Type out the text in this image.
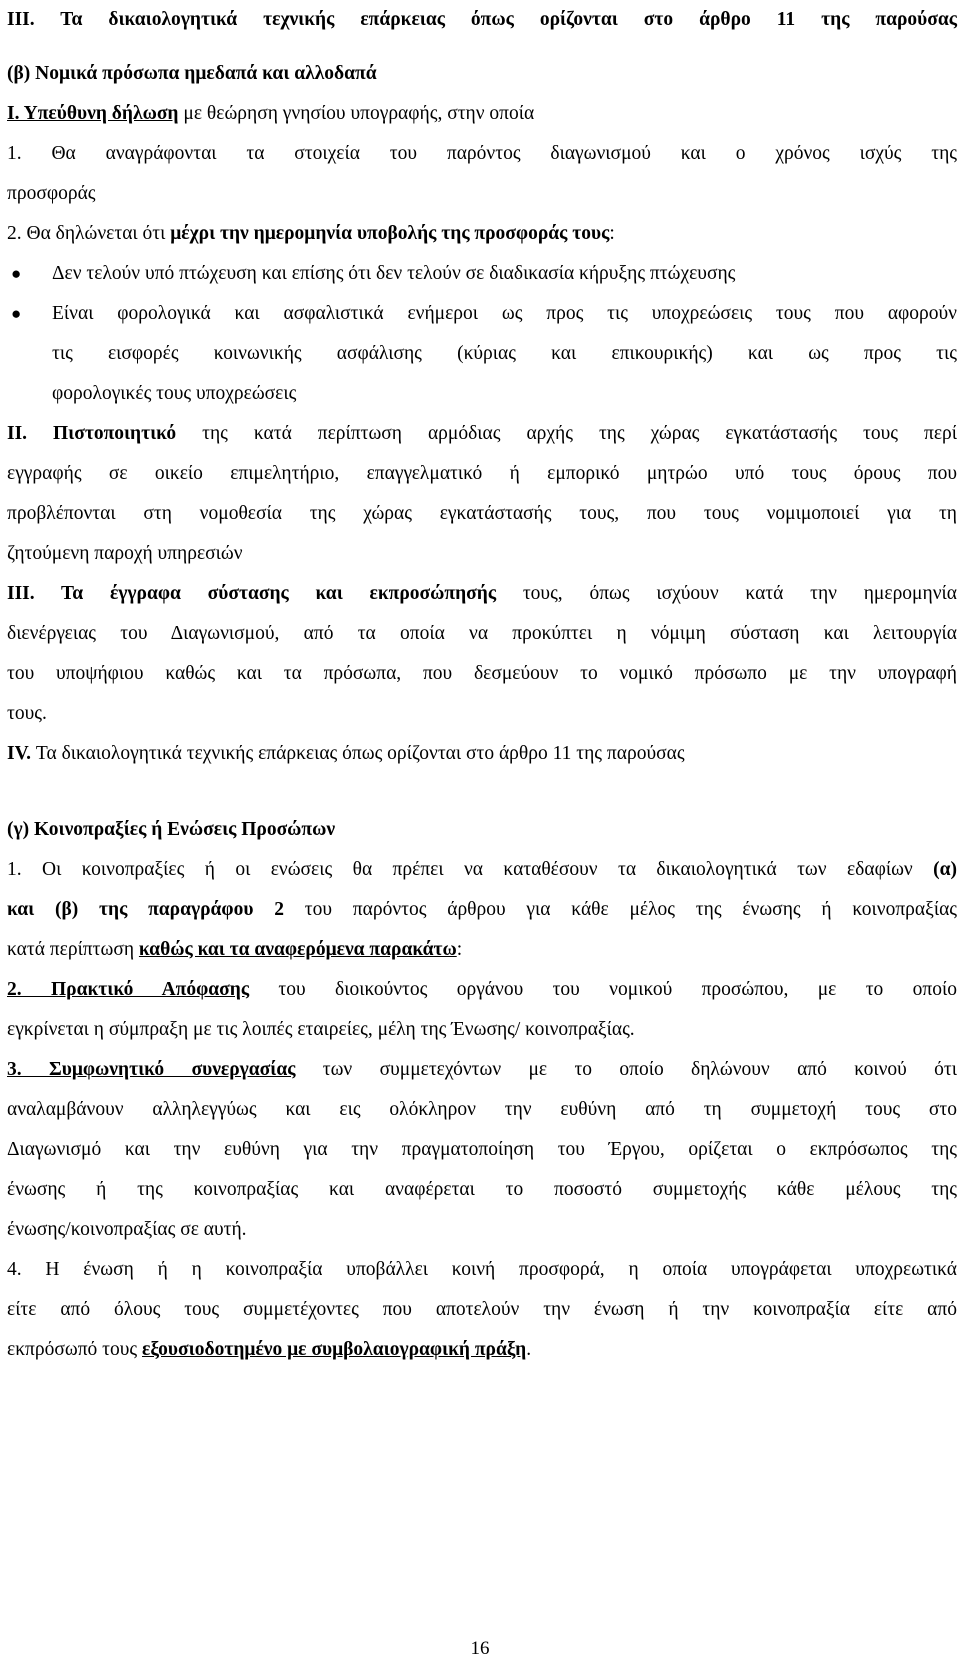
ΙΙΙ. Τα δικαιολογητικά τεχνικής επάρκειας όπως ορίζονται στο άρθρο 11 της παρούσας
(β) Νομικά πρόσωπα ημεδαπά και αλλοδαπά
Ι. Υπεύθυνη δήλωση με θεώρηση γνησίου υπογραφής, στην οποία
1. Θα αναγράφονται τα στοιχεία του παρόντος διαγωνισμού και ο χρόνος ισχύς της
προσφοράς
2. Θα δηλώνεται ότι μέχρι την ημερομηνία υποβολής της προσφοράς τους:
● Δεν τελούν υπό πτώχευση και επίσης ότι δεν τελούν σε διαδικασία κήρυξης πτώχευσης
● Είναι φορολογικά και ασφαλιστικά ενήμεροι ως προς τις υποχρεώσεις τους που αφορούν
τις εισφορές κοινωνικής ασφάλισης (κύριας και επικουρικής) και ως προς τις
φορολογικές τους υποχρεώσεις
ΙΙ. Πιστοποιητικό της κατά περίπτωση αρμόδιας αρχής της χώρας εγκατάστασής τους περί
εγγραφής σε οικείο επιμελητήριο, επαγγελματικό ή εμπορικό μητρώο υπό τους όρους που
προβλέπονται στη νομοθεσία της χώρας εγκατάστασής τους, που τους νομιμοποιεί για τη
ζητούμενη παροχή υπηρεσιών
ΙΙΙ. Τα έγγραφα σύστασης και εκπροσώπησής τους, όπως ισχύουν κατά την ημερομηνία
διενέργειας του Διαγωνισμού, από τα οποία να προκύπτει η νόμιμη σύσταση και λειτουργία
του υποψήφιου καθώς και τα πρόσωπα, που δεσμεύουν το νομικό πρόσωπο με την υπογραφή
τους.
ΙV. Τα δικαιολογητικά τεχνικής επάρκειας όπως ορίζονται στο άρθρο 11 της παρούσας
(γ) Κοινοπραξίες ή Ενώσεις Προσώπων
1. Οι κοινοπραξίες ή οι ενώσεις θα πρέπει να καταθέσουν τα δικαιολογητικά των εδαφίων (α)
και (β) της παραγράφου 2 του παρόντος άρθρου για κάθε μέλος της ένωσης ή κοινοπραξίας
κατά περίπτωση καθώς και τα αναφερόμενα παρακάτω:
2. Πρακτικό Απόφασης του διοικούντος οργάνου του νομικού προσώπου, με το οποίο
εγκρίνεται η σύμπραξη με τις λοιπές εταιρείες, μέλη της Ένωσης/ κοινοπραξίας.
3. Συμφωνητικό συνεργασίας των συμμετεχόντων με το οποίο δηλώνουν από κοινού ότι
αναλαμβάνουν αλληλεγγύως και εις ολόκληρον την ευθύνη από τη συμμετοχή τους στο
Διαγωνισμό και την ευθύνη για την πραγματοποίηση του Έργου, ορίζεται ο εκπρόσωπος της
ένωσης ή της κοινοπραξίας και αναφέρεται το ποσοστό συμμετοχής κάθε μέλους της
ένωσης/κοινοπραξίας σε αυτή.
4. Η ένωση ή η κοινοπραξία υποβάλλει κοινή προσφορά, η οποία υπογράφεται υποχρεωτικά
είτε από όλους τους συμμετέχοντες που αποτελούν την ένωση ή την κοινοπραξία είτε από
εκπρόσωπό τους εξουσιοδοτημένο με συμβολαιογραφική πράξη.
16
